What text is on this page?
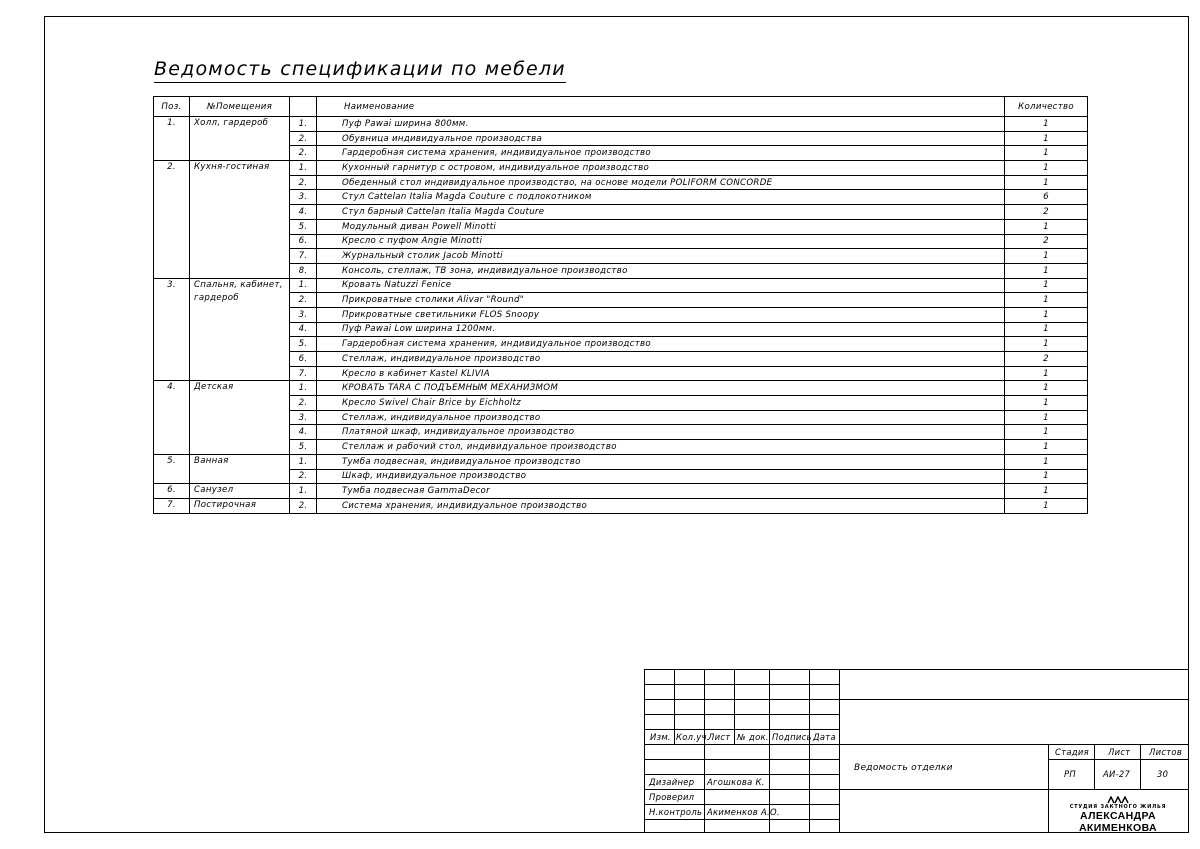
Ведомость спецификации по мебели
Поз.	№Помещения		Наименование	Количество
1.	Холл, гардероб	1.	Пуф Pawai ширина 800мм.	1
		2.	Обувница индивидуальное производства	1
		2.	Гардеробная система хранения, индивидуальное производство	1
2.	Кухня-гостиная	1.	Кухонный гарнитур с островом, индивидуальное производство	1
		2.	Обеденный стол индивидуальное производство, на основе модели POLIFORM CONCORDE	1
		3.	Стул Cattelan Italia Magda Couture с подлокотником	6
		4.	Стул барный Cattelan Italia Magda Couture	2
		5.	Модульный диван Powell Minotti	1
		6.	Кресло с пуфом Angie Minotti	2
		7.	Журнальный столик Jacob Minotti	1
		8.	Консоль, стеллаж, ТВ зона, индивидуальное производство	1
3.	Спальня, кабинет, гардероб	1.	Кровать Natuzzi Fenice	1
		2.	Прикроватные столики Alivar "Round"	1
		3.	Прикроватные светильники FLOS Snoopy	1
		4.	Пуф Pawai Low ширина 1200мм.	1
		5.	Гардеробная система хранения, индивидуальное производство	1
		6.	Стеллаж, индивидуальное производство	2
		7.	Кресло в кабинет Kastel KLIVIA	1
4.	Детская	1.	КРОВАТЬ TARA С ПОДЪЕМНЫМ МЕХАНИЗМОМ	1
		2.	Кресло Swivel Chair Brice by Eichholtz	1
		3.	Стеллаж, индивидуальное производство	1
		4.	Платяной шкаф, индивидуальное производство	1
		5.	Стеллаж и рабочий стол, индивидуальное производство	1
5.	Ванная	1.	Тумба подвесная, индивидуальное производство	1
		2.	Шкаф, индивидуальное производство	1
6.	Санузел	1.	Тумба подвесная GammaDecor	1
7.	Постирочная	2.	Система хранения, индивидуальное производство	1
Изм. Кол.уч.
Лист № док. Подпись Дата
Дизайнер Агошкова К.
Проверил
Н.контроль Акименков А.О.
Ведомость отделки
Стадия Лист Листов
РП	АИ-27	30
СТУДИЯ ЗАКТНОГО ЖИЛЬЯ
АЛЕКСАНДРА АКИМЕНКОВА
